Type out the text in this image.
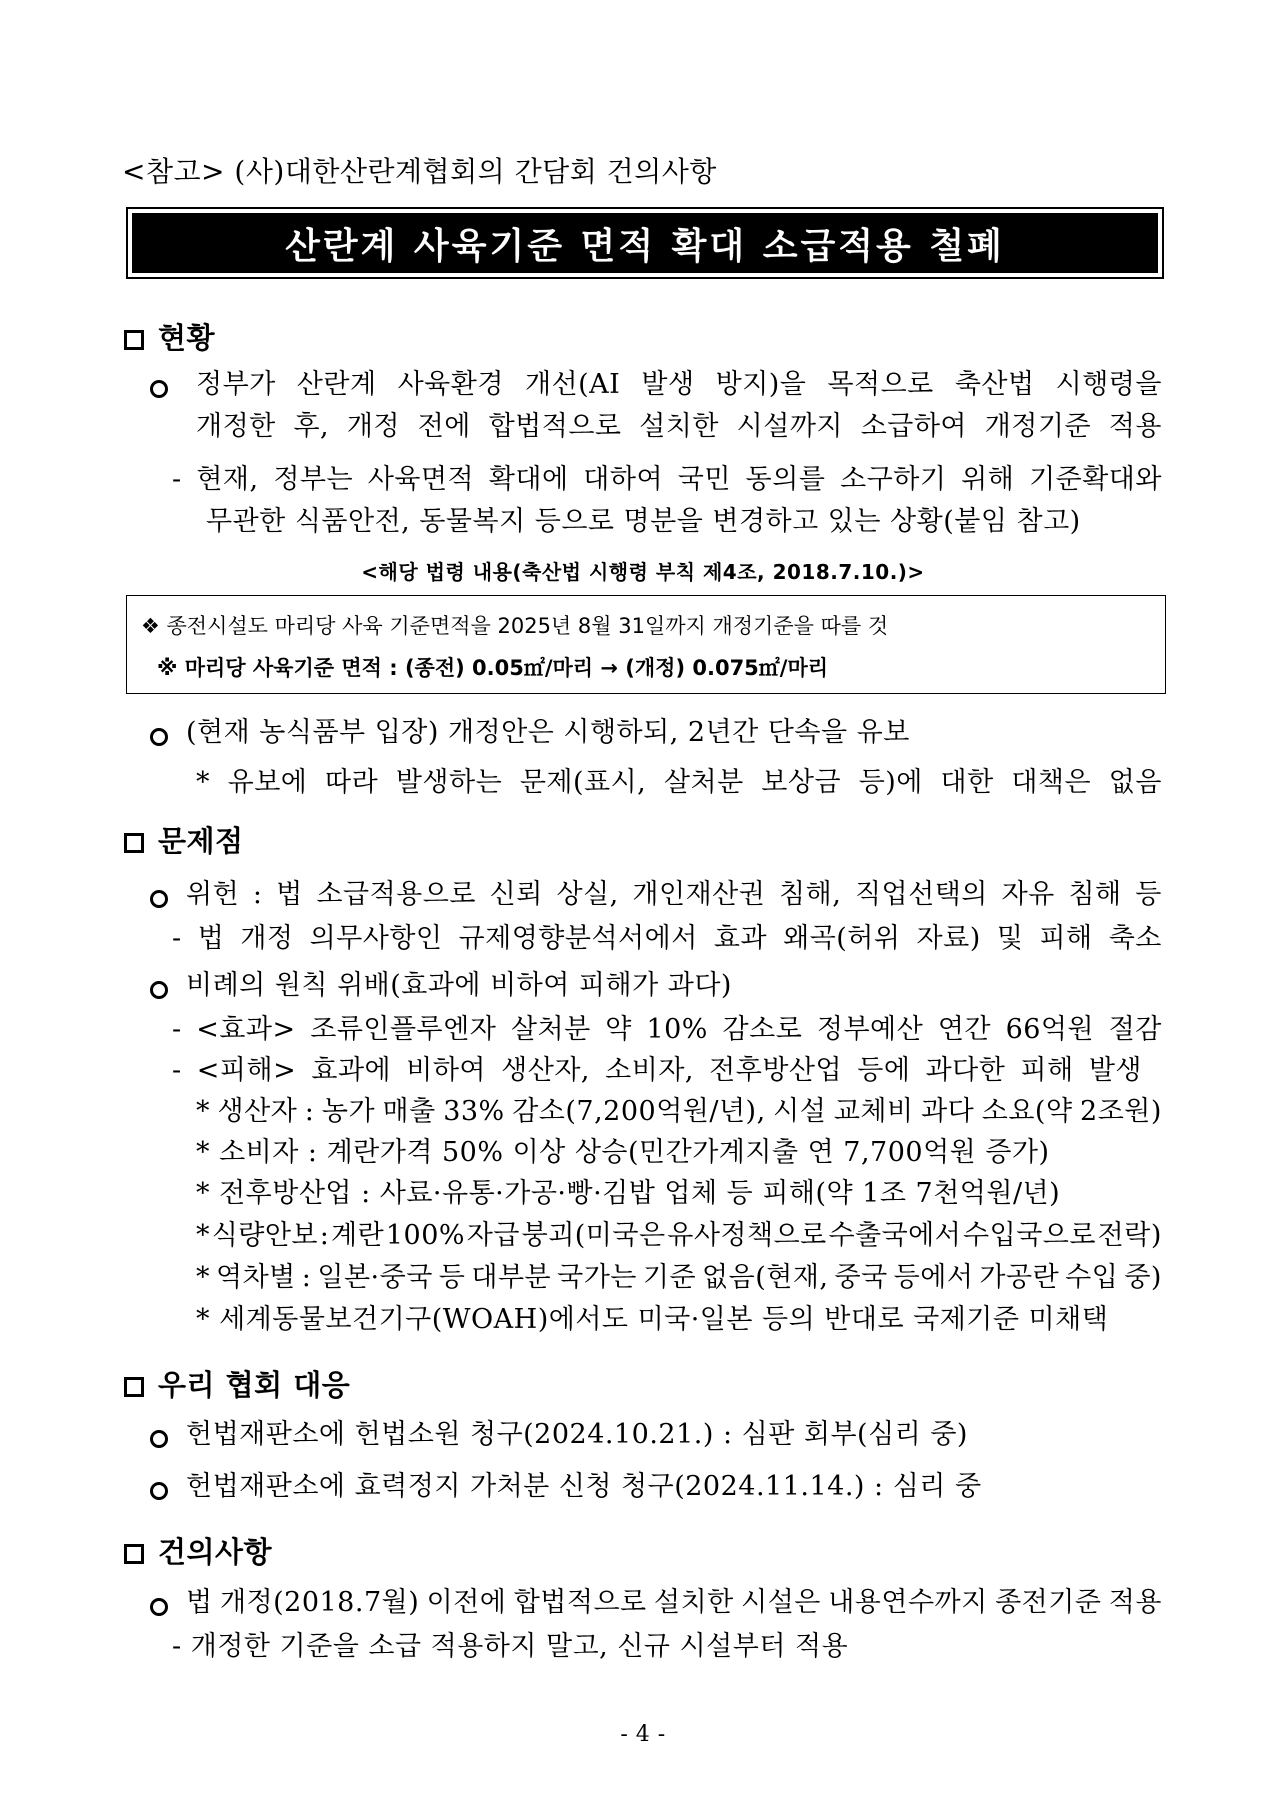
<참고> (사)대한산란계협회의 간담회 건의사항
산란계 사육기준 면적 확대 소급적용 철폐
현황
정부가 산란계 사육환경 개선(AI 발생 방지)을 목적으로 축산법 시행령을
개정한 후, 개정 전에 합법적으로 설치한 시설까지 소급하여 개정기준 적용
- 현재, 정부는 사육면적 확대에 대하여 국민 동의를 소구하기 위해 기준확대와
무관한 식품안전, 동물복지 등으로 명분을 변경하고 있는 상황(붙임 참고)
<해당 법령 내용(축산법 시행령 부칙 제4조, 2018.7.10.)>
❖ 종전시설도 마리당 사육 기준면적을 2025년 8월 31일까지 개정기준을 따를 것
※ 마리당 사육기준 면적 : (종전) 0.05㎡/마리 → (개정) 0.075㎡/마리
(현재 농식품부 입장) 개정안은 시행하되, 2년간 단속을 유보
* 유보에 따라 발생하는 문제(표시, 살처분 보상금 등)에 대한 대책은 없음
문제점
위헌 : 법 소급적용으로 신뢰 상실, 개인재산권 침해, 직업선택의 자유 침해 등
- 법 개정 의무사항인 규제영향분석서에서 효과 왜곡(허위 자료) 및 피해 축소
비례의 원칙 위배(효과에 비하여 피해가 과다)
- <효과> 조류인플루엔자 살처분 약 10% 감소로 정부예산 연간 66억원 절감
- <피해> 효과에 비하여 생산자, 소비자, 전후방산업 등에 과다한 피해 발생
* 생산자 : 농가 매출 33% 감소(7,200억원/년), 시설 교체비 과다 소요(약 2조원)
* 소비자 : 계란가격 50% 이상 상승(민간가계지출 연 7,700억원 증가)
* 전후방산업 : 사료·유통·가공·빵·김밥 업체 등 피해(약 1조 7천억원/년)
* 식량안보 : 계란 100% 자급 붕괴(미국은 유사정책으로 수출국에서 수입국으로 전락)
* 역차별 : 일본·중국 등 대부분 국가는 기준 없음(현재, 중국 등에서 가공란 수입 중)
* 세계동물보건기구(WOAH)에서도 미국·일본 등의 반대로 국제기준 미채택
우리 협회 대응
헌법재판소에 헌법소원 청구(2024.10.21.) : 심판 회부(심리 중)
헌법재판소에 효력정지 가처분 신청 청구(2024.11.14.) : 심리 중
건의사항
법 개정(2018.7월) 이전에 합법적으로 설치한 시설은 내용연수까지 종전기준 적용
- 개정한 기준을 소급 적용하지 말고, 신규 시설부터 적용
- 4 -
